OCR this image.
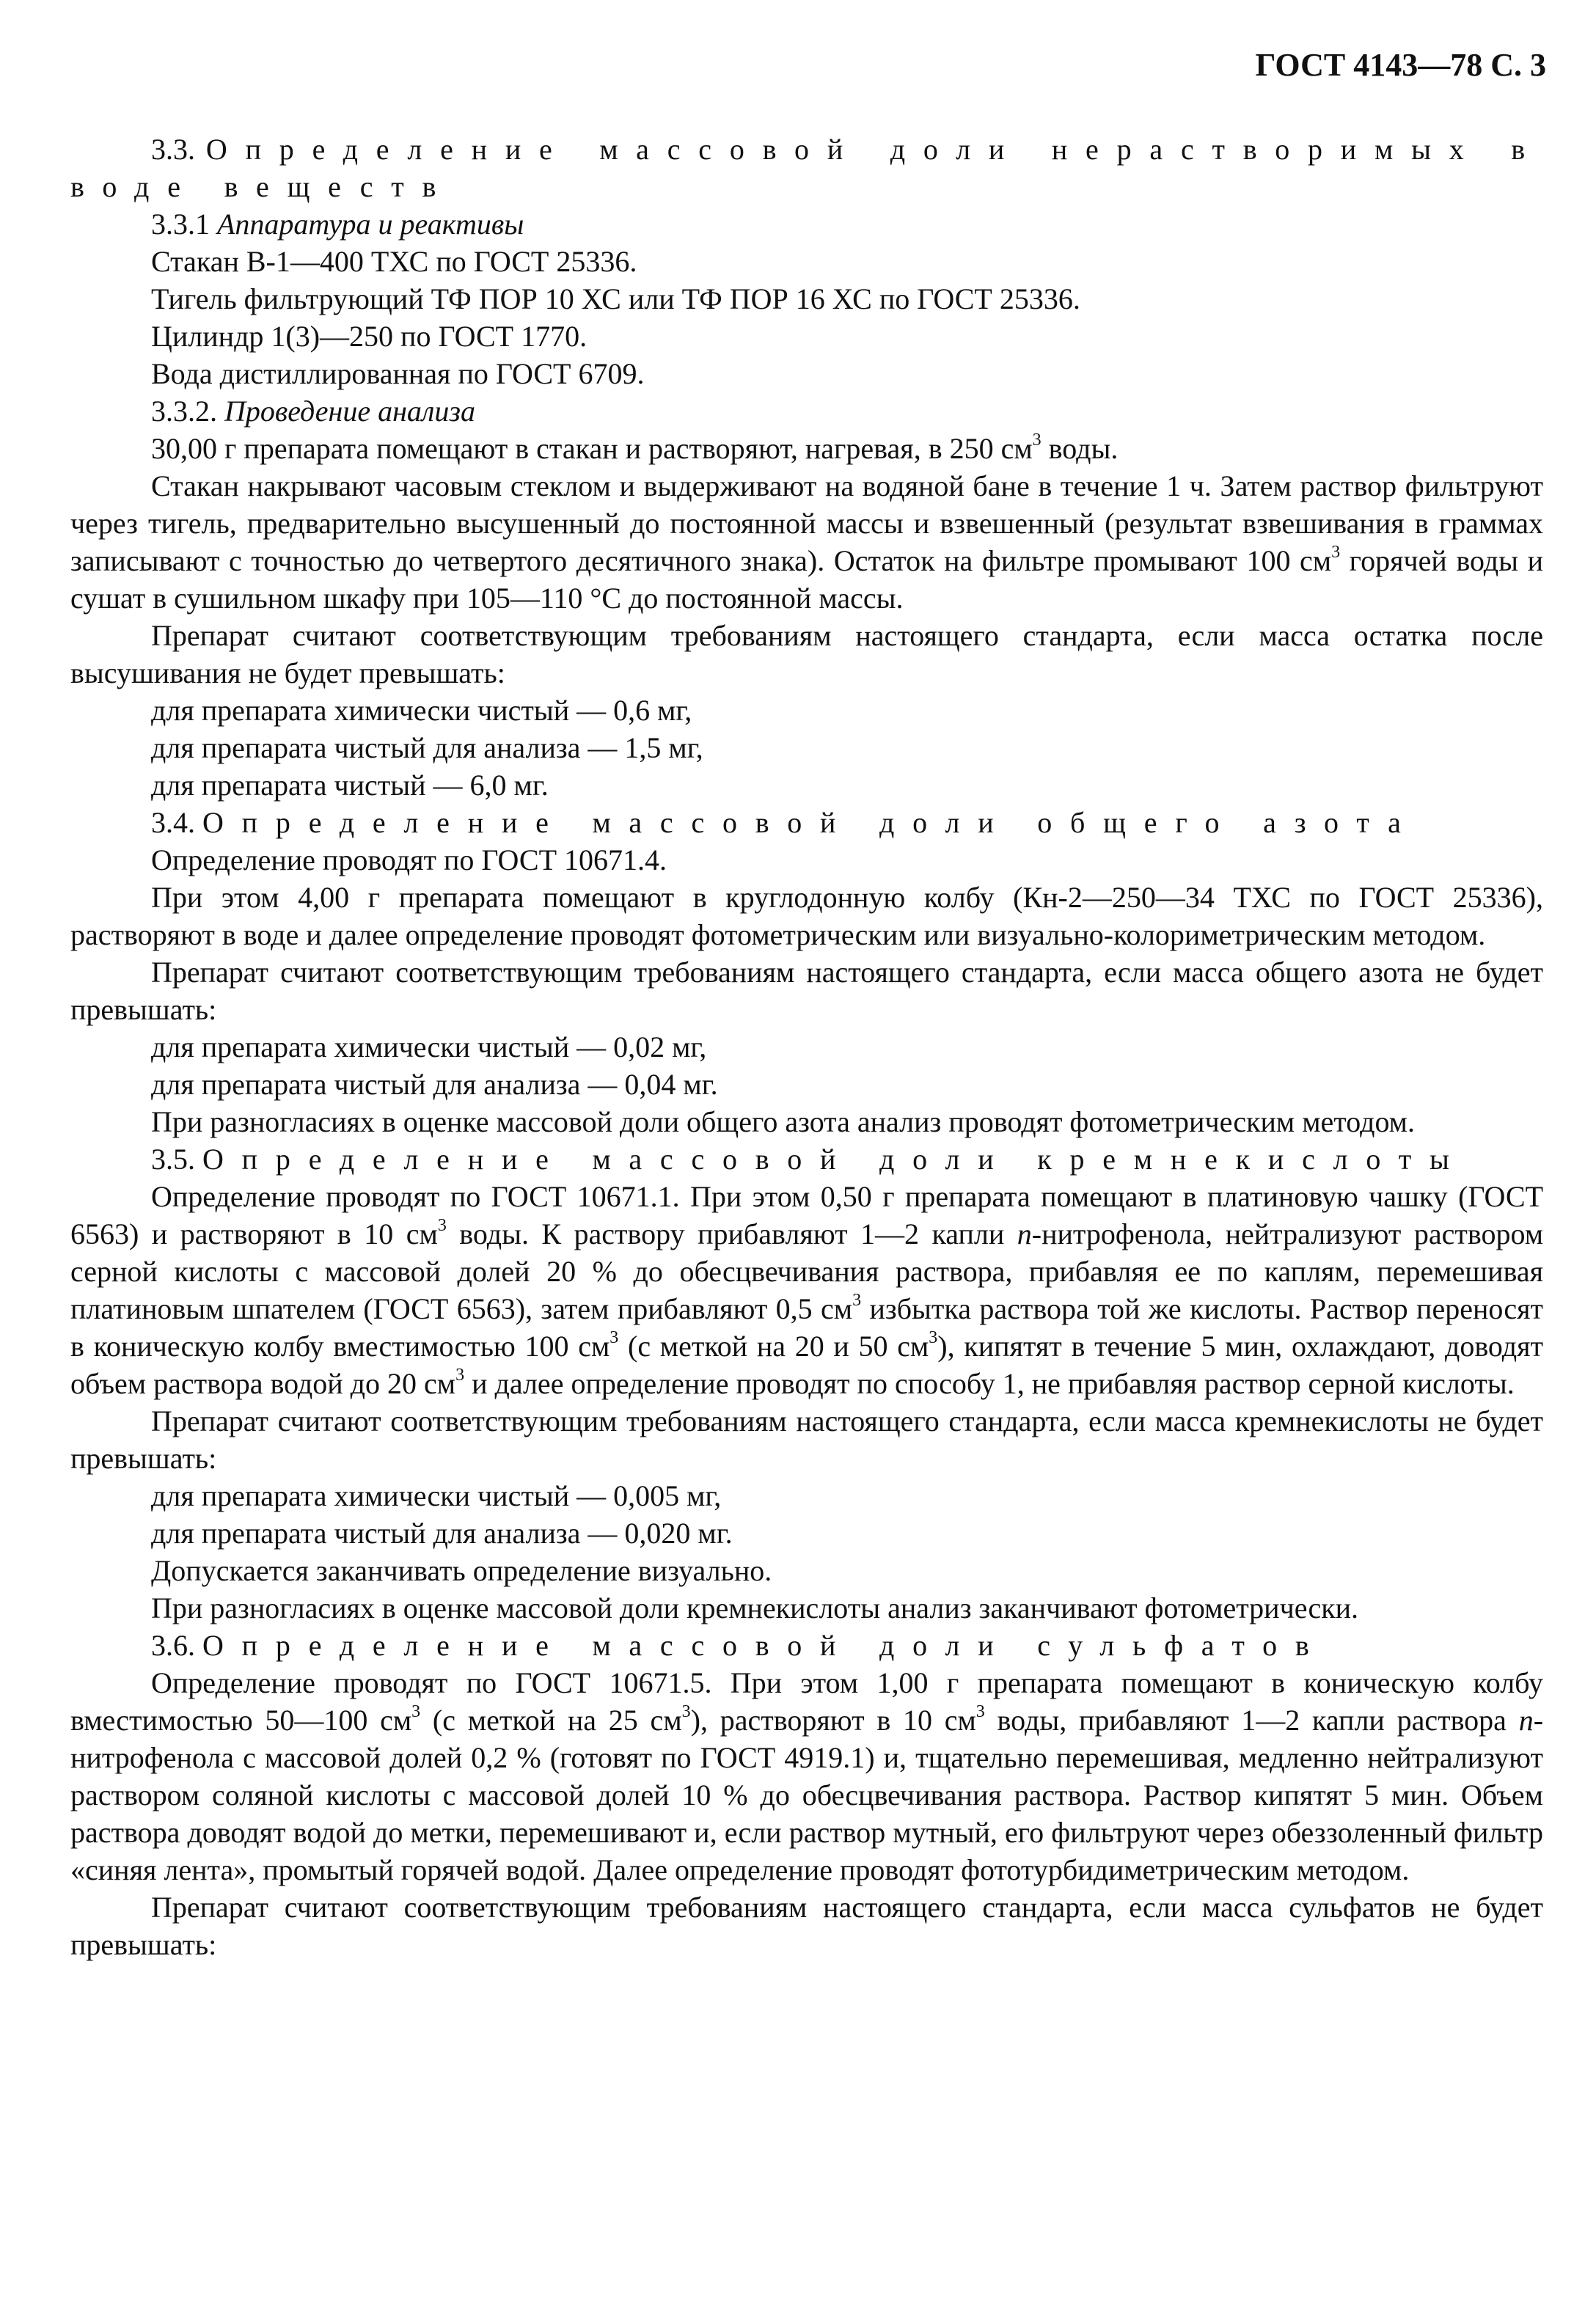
ГОСТ 4143—78 С. 3

3.3. Определение массовой доли нерастворимых в воде веществ

3.3.1 Аппаратура и реактивы

Стакан В-1—400 ТХС по ГОСТ 25336.

Тигель фильтрующий ТФ ПОР 10 ХС или ТФ ПОР 16 ХС по ГОСТ 25336.

Цилиндр 1(3)—250 по ГОСТ 1770.

Вода дистиллированная по ГОСТ 6709.

3.3.2. Проведение анализа

30,00 г препарата помещают в стакан и растворяют, нагревая, в 250 $см^3$ воды.

Стакан накрывают часовым стеклом и выдерживают на водяной бане в течение 1 ч. Затем раствор фильтруют через тигель, предварительно высушенный до постоянной массы и взвешенный (результат взвешивания в граммах записывают с точностью до четвертого десятичного знака). Остаток на фильтре промывают 100 $см^3$ горячей воды и сушат в сушильном шкафу при 105—110 °С до постоянной массы.

Препарат считают соответствующим требованиям настоящего стандарта, если масса остатка после высушивания не будет превышать:

для препарата химически чистый — 0,6 мг,

для препарата чистый для анализа — 1,5 мг,

для препарата чистый — 6,0 мг.

3.4. Определение массовой доли общего азота

Определение проводят по ГОСТ 10671.4.

При этом 4,00 г препарата помещают в круглодонную колбу (Кн-2—250—34 ТХС по ГОСТ 25336), растворяют в воде и далее определение проводят фотометрическим или визуально-колориметрическим методом.

Препарат считают соответствующим требованиям настоящего стандарта, если масса общего азота не будет превышать:

для препарата химически чистый — 0,02 мг,

для препарата чистый для анализа — 0,04 мг.

При разногласиях в оценке массовой доли общего азота анализ проводят фотометрическим методом.

3.5. Определение массовой доли кремнекислоты

Определение проводят по ГОСТ 10671.1. При этом 0,50 г препарата помещают в платиновую чашку (ГОСТ 6563) и растворяют в 10 $см^3$ воды. К раствору прибавляют 1—2 капли п-нитрофенола, нейтрализуют раствором серной кислоты с массовой долей 20 % до обесцвечивания раствора, прибавляя ее по каплям, перемешивая платиновым шпателем (ГОСТ 6563), затем прибавляют 0,5 $см^3$ избытка раствора той же кислоты. Раствор переносят в коническую колбу вместимостью 100 $см^3$ (с меткой на 20 и 50 $см^3$), кипятят в течение 5 мин, охлаждают, доводят объем раствора водой до 20 $см^3$ и далее определение проводят по способу 1, не прибавляя раствор серной кислоты.

Препарат считают соответствующим требованиям настоящего стандарта, если масса кремнекислоты не будет превышать:

для препарата химически чистый — 0,005 мг,

для препарата чистый для анализа — 0,020 мг.

Допускается заканчивать определение визуально.

При разногласиях в оценке массовой доли кремнекислоты анализ заканчивают фотометрически.

3.6. Определение массовой доли сульфатов

Определение проводят по ГОСТ 10671.5. При этом 1,00 г препарата помещают в коническую колбу вместимостью 50—100 $см^3$ (с меткой на 25 $см^3$), растворяют в 10 $см^3$ воды, прибавляют 1—2 капли раствора п-нитрофенола с массовой долей 0,2 % (готовят по ГОСТ 4919.1) и, тщательно перемешивая, медленно нейтрализуют раствором соляной кислоты с массовой долей 10 % до обесцвечивания раствора. Раствор кипятят 5 мин. Объем раствора доводят водой до метки, перемешивают и, если раствор мутный, его фильтруют через обеззоленный фильтр «синяя лента», промытый горячей водой. Далее определение проводят фототурбидиметрическим методом.

Препарат считают соответствующим требованиям настоящего стандарта, если масса сульфатов не будет превышать:
